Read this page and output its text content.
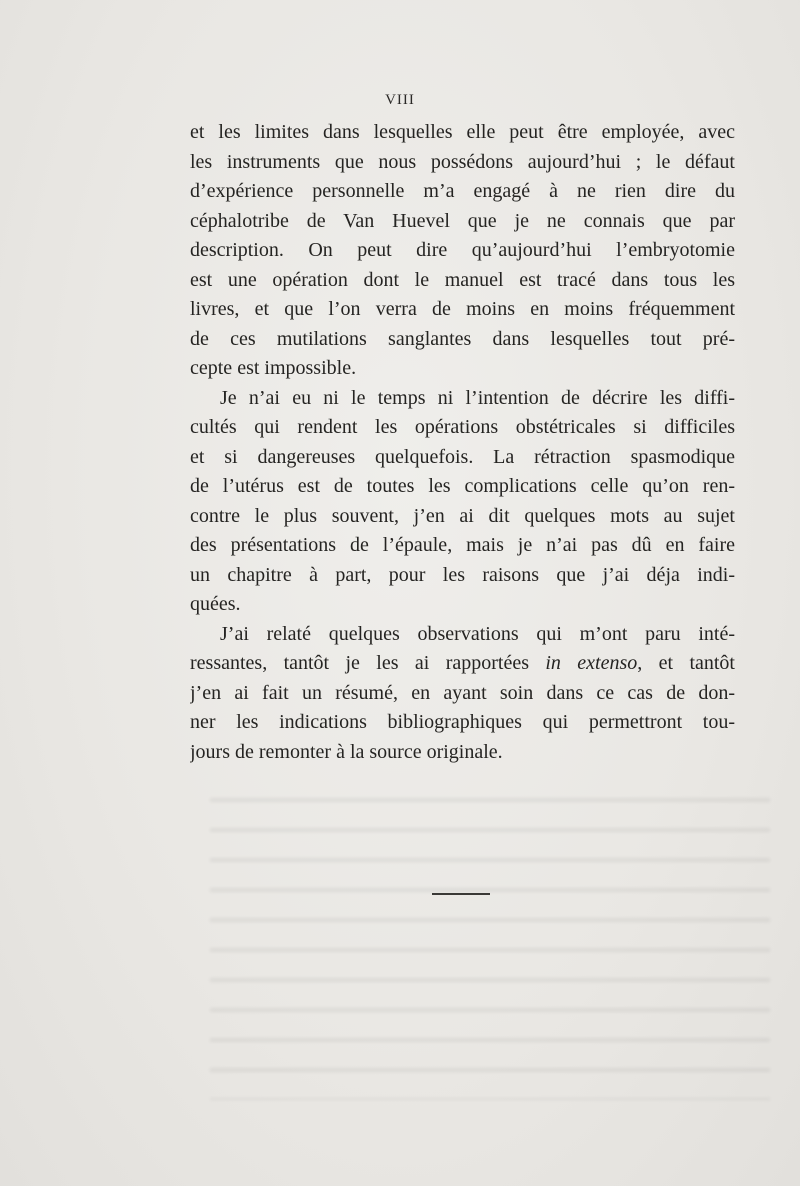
VIII
et les limites dans lesquelles elle peut être employée, avec
les instruments que nous possédons aujourd’hui ; le défaut
d’expérience personnelle m’a engagé à ne rien dire du
céphalotribe de Van Huevel que je ne connais que par
description. On peut dire qu’aujourd’hui l’embryotomie
est une opération dont le manuel est tracé dans tous les
livres, et que l’on verra de moins en moins fréquemment
de ces mutilations sanglantes dans lesquelles tout pré-
cepte est impossible.
Je n’ai eu ni le temps ni l’intention de décrire les diffi-
cultés qui rendent les opérations obstétricales si difficiles
et si dangereuses quelquefois. La rétraction spasmodique
de l’utérus est de toutes les complications celle qu’on ren-
contre le plus souvent, j’en ai dit quelques mots au sujet
des présentations de l’épaule, mais je n’ai pas dû en faire
un chapitre à part, pour les raisons que j’ai déja indi-
quées.
J’ai relaté quelques observations qui m’ont paru inté-
ressantes, tantôt je les ai rapportées in extenso, et tantôt
j’en ai fait un résumé, en ayant soin dans ce cas de don-
ner les indications bibliographiques qui permettront tou-
jours de remonter à la source originale.
